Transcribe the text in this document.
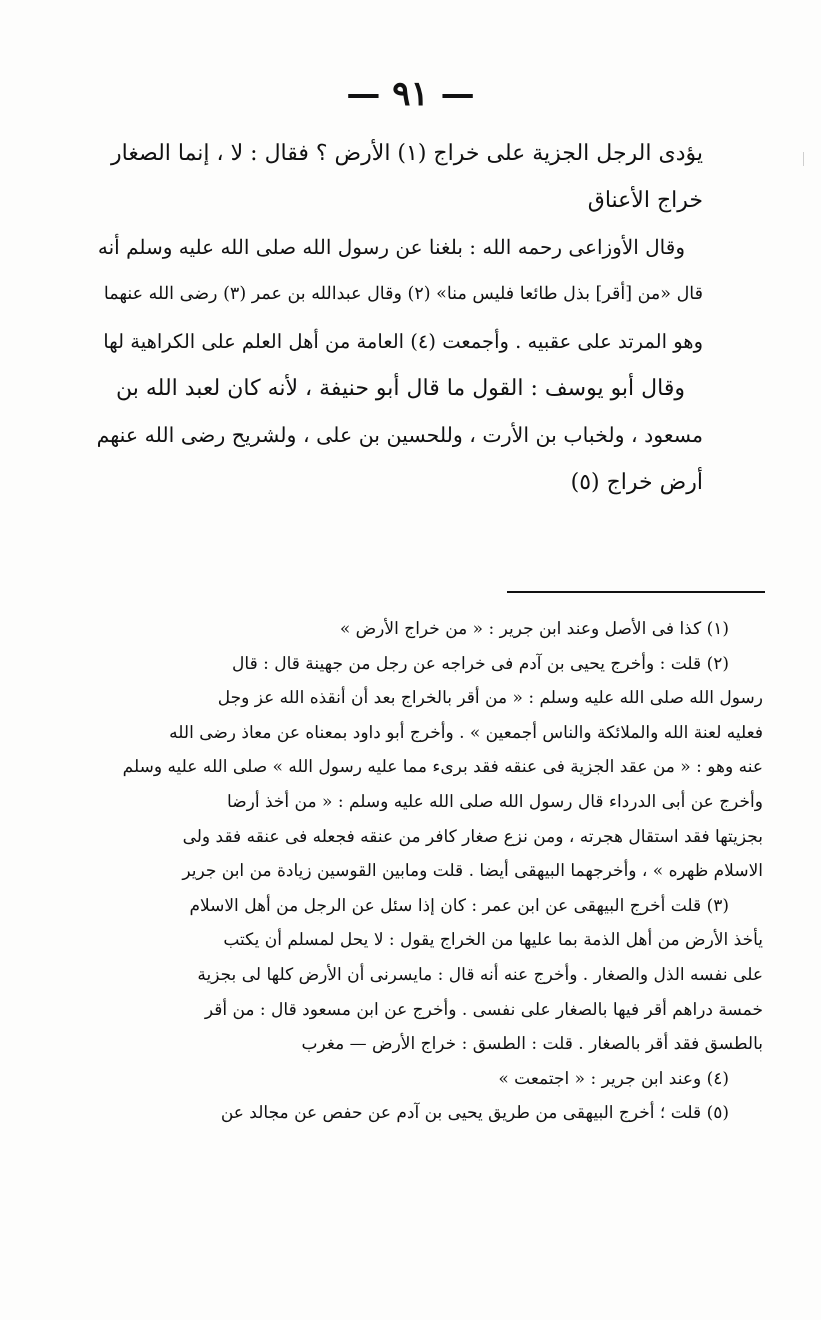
— ٩١ —
يؤدى الرجل الجزية على خراج (١) الأرض ؟ فقال : لا ، إنما الصغار
خراج الأعناق
وقال الأوزاعى رحمه الله : بلغنا عن رسول الله صلى الله عليه وسلم أنه
قال «من [أقر] بذل طائعا فليس منا» (٢) وقال عبدالله بن عمر (٣) رضى الله عنهما
وهو المرتد على عقبيه . وأجمعت (٤) العامة من أهل العلم على الكراهية لها
وقال أبو يوسف : القول ما قال أبو حنيفة ، لأنه كان لعبد الله بن
مسعود ، ولخباب بن الأرت ، وللحسين بن على ، ولشريح رضى الله عنهم
أرض خراج (٥)
(١) كذا فى الأصل وعند ابن جرير : « من خراج الأرض »
(٢) قلت : وأخرج يحيى بن آدم فى خراجه عن رجل من جهينة قال : قال
رسول الله صلى الله عليه وسلم : « من أقر بالخراج بعد أن أنقذه الله عز وجل
فعليه لعنة الله والملائكة والناس أجمعين » . وأخرج أبو داود بمعناه عن معاذ رضى الله
عنه وهو : « من عقد الجزية فى عنقه فقد برىء مما عليه رسول الله » صلى الله عليه وسلم
وأخرج عن أبى الدرداء قال رسول الله صلى الله عليه وسلم : « من أخذ أرضا
بجزيتها فقد استقال هجرته ، ومن نزع صغار كافر من عنقه فجعله فى عنقه فقد ولى
الاسلام ظهره » ، وأخرجهما البيهقى أيضا . قلت ومابين القوسين زيادة من ابن جرير
(٣) قلت أخرج البيهقى عن ابن عمر : كان إذا سئل عن الرجل من أهل الاسلام
يأخذ الأرض من أهل الذمة بما عليها من الخراج يقول : لا يحل لمسلم أن يكتب
على نفسه الذل والصغار . وأخرج عنه أنه قال : مايسرنى أن الأرض كلها لى بجزية
خمسة دراهم أقر فيها بالصغار على نفسى . وأخرج عن ابن مسعود قال : من أقر
بالطسق فقد أقر بالصغار . قلت : الطسق : خراج الأرض — مغرب
(٤) وعند ابن جرير : « اجتمعت »
(٥) قلت ؛ أخرج البيهقى من طريق يحيى بن آدم عن حفص عن مجالد عن
